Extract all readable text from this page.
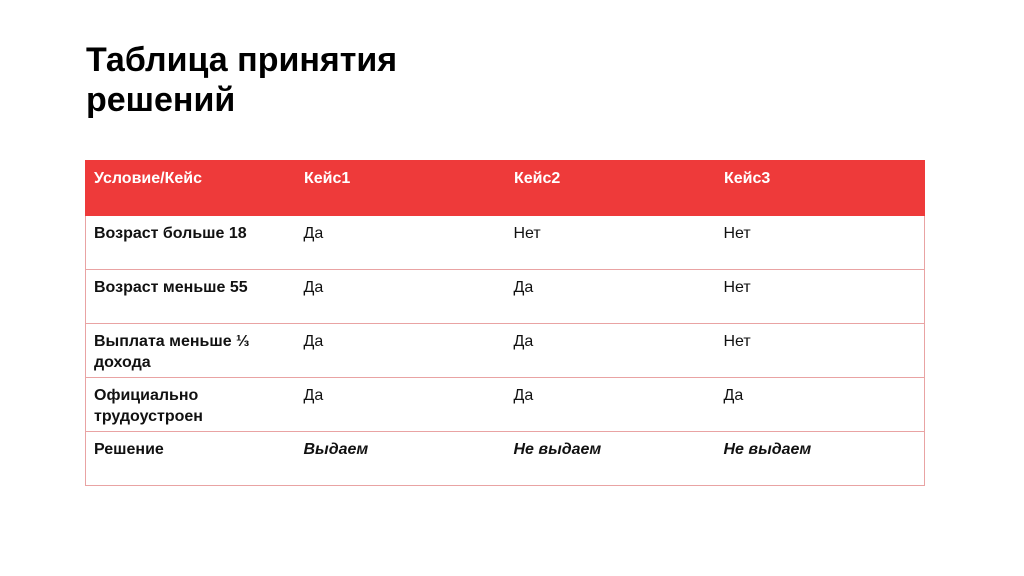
Таблица принятия решений
Условие/Кейс	Кейс1	Кейс2	Кейс3
Возраст больше 18	Да	Нет	Нет
Возраст меньше 55	Да	Да	Нет
Выплата меньше ⅓ дохода	Да	Да	Нет
Официально трудоустроен	Да	Да	Да
Решение	Выдаем	Не выдаем	Не выдаем
